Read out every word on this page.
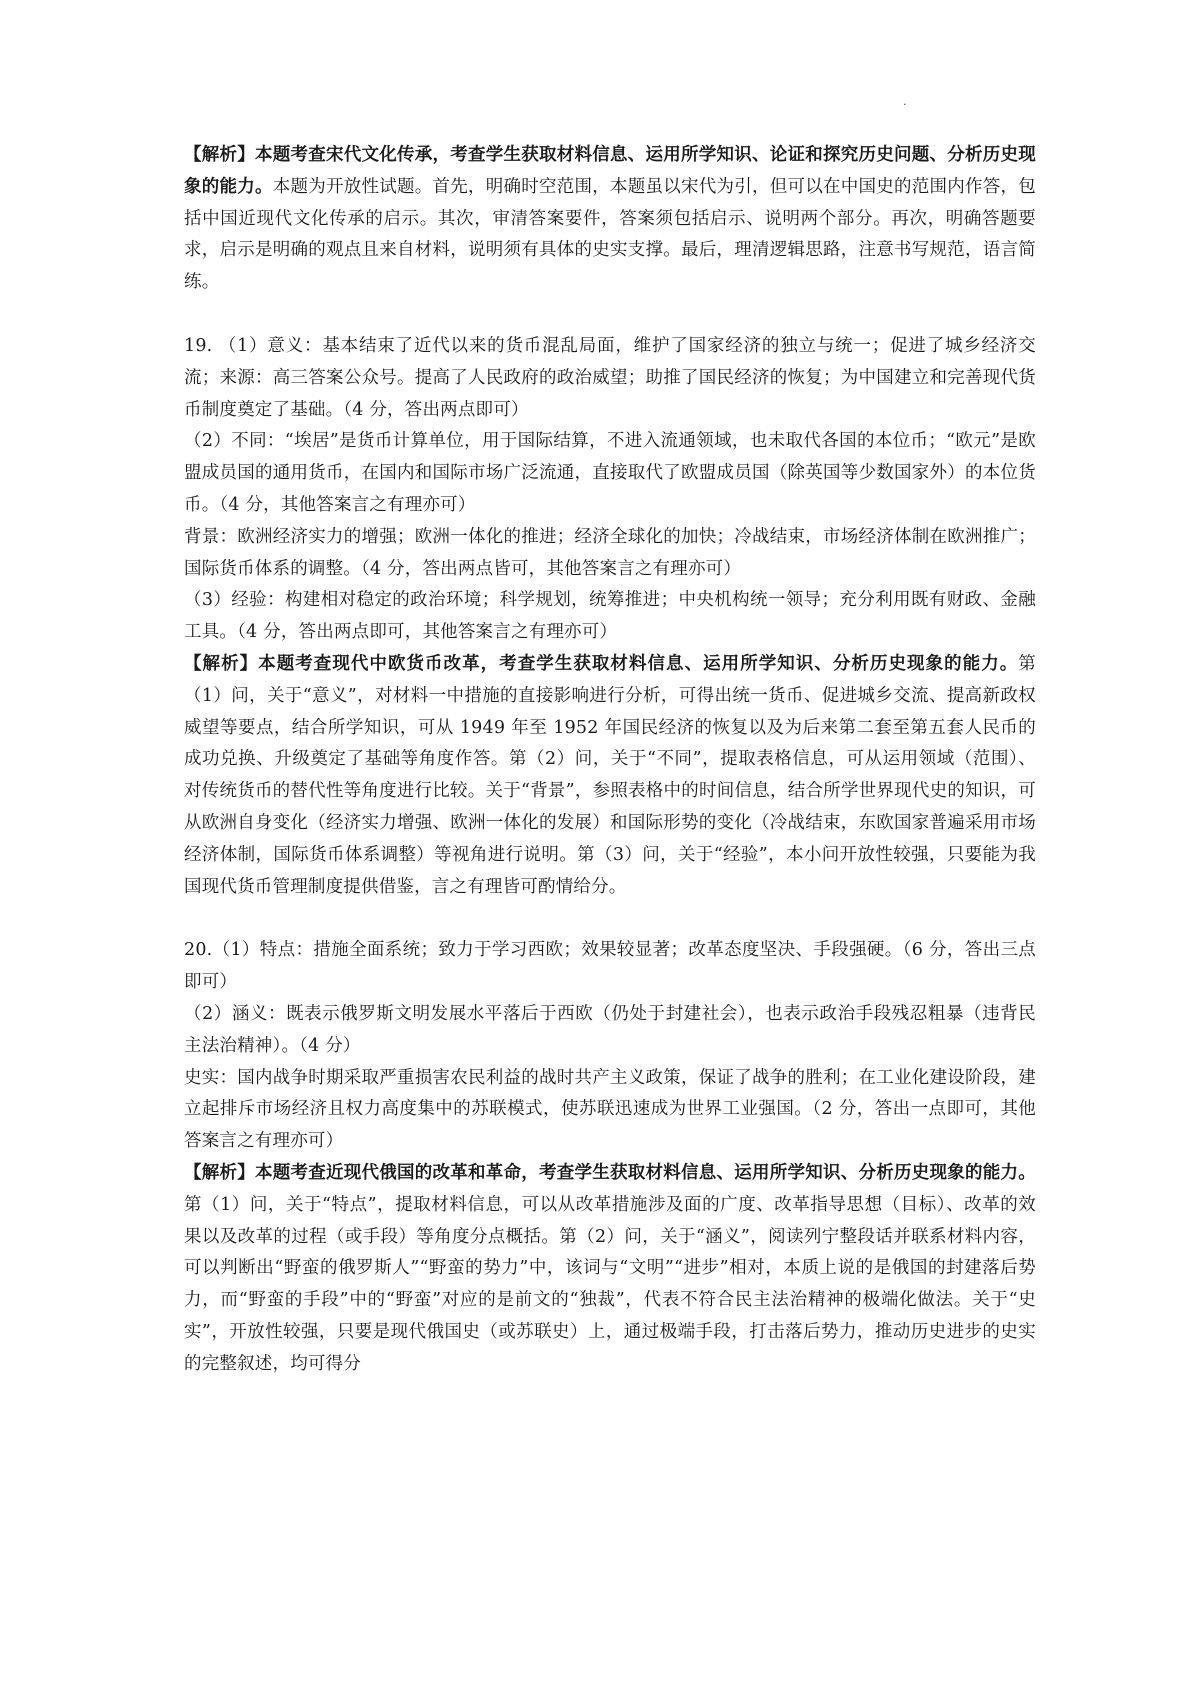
.

【解析】本题考查宋代文化传承，考查学生获取材料信息、运用所学知识、论证和探究历史问题、分析历史现象的能力。本题为开放性试题。首先，明确时空范围，本题虽以宋代为引，但可以在中国史的范围内作答，包括中国近现代文化传承的启示。其次，审清答案要件，答案须包括启示、说明两个部分。再次，明确答题要求，启示是明确的观点且来自材料，说明须有具体的史实支撑。最后，理清逻辑思路，注意书写规范，语言简练。

19. （1）意义：基本结束了近代以来的货币混乱局面，维护了国家经济的独立与统一；促进了城乡经济交流；来源：高三答案公众号。提高了人民政府的政治威望；助推了国民经济的恢复；为中国建立和完善现代货币制度奠定了基础。（4 分，答出两点即可）

（2）不同：“埃居”是货币计算单位，用于国际结算，不进入流通领域，也未取代各国的本位币；“欧元”是欧盟成员国的通用货币，在国内和国际市场广泛流通，直接取代了欧盟成员国（除英国等少数国家外）的本位货币。（4 分，其他答案言之有理亦可）

背景：欧洲经济实力的增强；欧洲一体化的推进；经济全球化的加快；冷战结束，市场经济体制在欧洲推广；国际货币体系的调整。（4 分，答出两点皆可，其他答案言之有理亦可）

（3）经验：构建相对稳定的政治环境；科学规划，统筹推进；中央机构统一领导；充分利用既有财政、金融工具。（4 分，答出两点即可，其他答案言之有理亦可）

【解析】本题考查现代中欧货币改革，考查学生获取材料信息、运用所学知识、分析历史现象的能力。第（1）问，关于“意义”，对材料一中措施的直接影响进行分析，可得出统一货币、促进城乡交流、提高新政权威望等要点，结合所学知识，可从 1949 年至 1952 年国民经济的恢复以及为后来第二套至第五套人民币的成功兑换、升级奠定了基础等角度作答。第（2）问，关于“不同”，提取表格信息，可从运用领域（范围）、对传统货币的替代性等角度进行比较。关于“背景”，参照表格中的时间信息，结合所学世界现代史的知识，可从欧洲自身变化（经济实力增强、欧洲一体化的发展）和国际形势的变化（冷战结束，东欧国家普遍采用市场经济体制，国际货币体系调整）等视角进行说明。第（3）问，关于“经验”，本小问开放性较强，只要能为我国现代货币管理制度提供借鉴，言之有理皆可酌情给分。

20.（1）特点：措施全面系统；致力于学习西欧；效果较显著；改革态度坚决、手段强硬。（6 分，答出三点即可）

（2）涵义：既表示俄罗斯文明发展水平落后于西欧（仍处于封建社会），也表示政治手段残忍粗暴（违背民主法治精神）。（4 分）

史实：国内战争时期采取严重损害农民利益的战时共产主义政策，保证了战争的胜利；在工业化建设阶段，建立起排斥市场经济且权力高度集中的苏联模式，使苏联迅速成为世界工业强国。（2 分，答出一点即可，其他答案言之有理亦可）

【解析】本题考查近现代俄国的改革和革命，考查学生获取材料信息、运用所学知识、分析历史现象的能力。第（1）问，关于“特点”，提取材料信息，可以从改革措施涉及面的广度、改革指导思想（目标）、改革的效果以及改革的过程（或手段）等角度分点概括。第（2）问，关于“涵义”，阅读列宁整段话并联系材料内容，可以判断出“野蛮的俄罗斯人”“野蛮的势力”中，该词与“文明”“进步”相对，本质上说的是俄国的封建落后势力，而“野蛮的手段”中的“野蛮”对应的是前文的“独裁”，代表不符合民主法治精神的极端化做法。关于“史实”，开放性较强，只要是现代俄国史（或苏联史）上，通过极端手段，打击落后势力，推动历史进步的史实的完整叙述，均可得分
